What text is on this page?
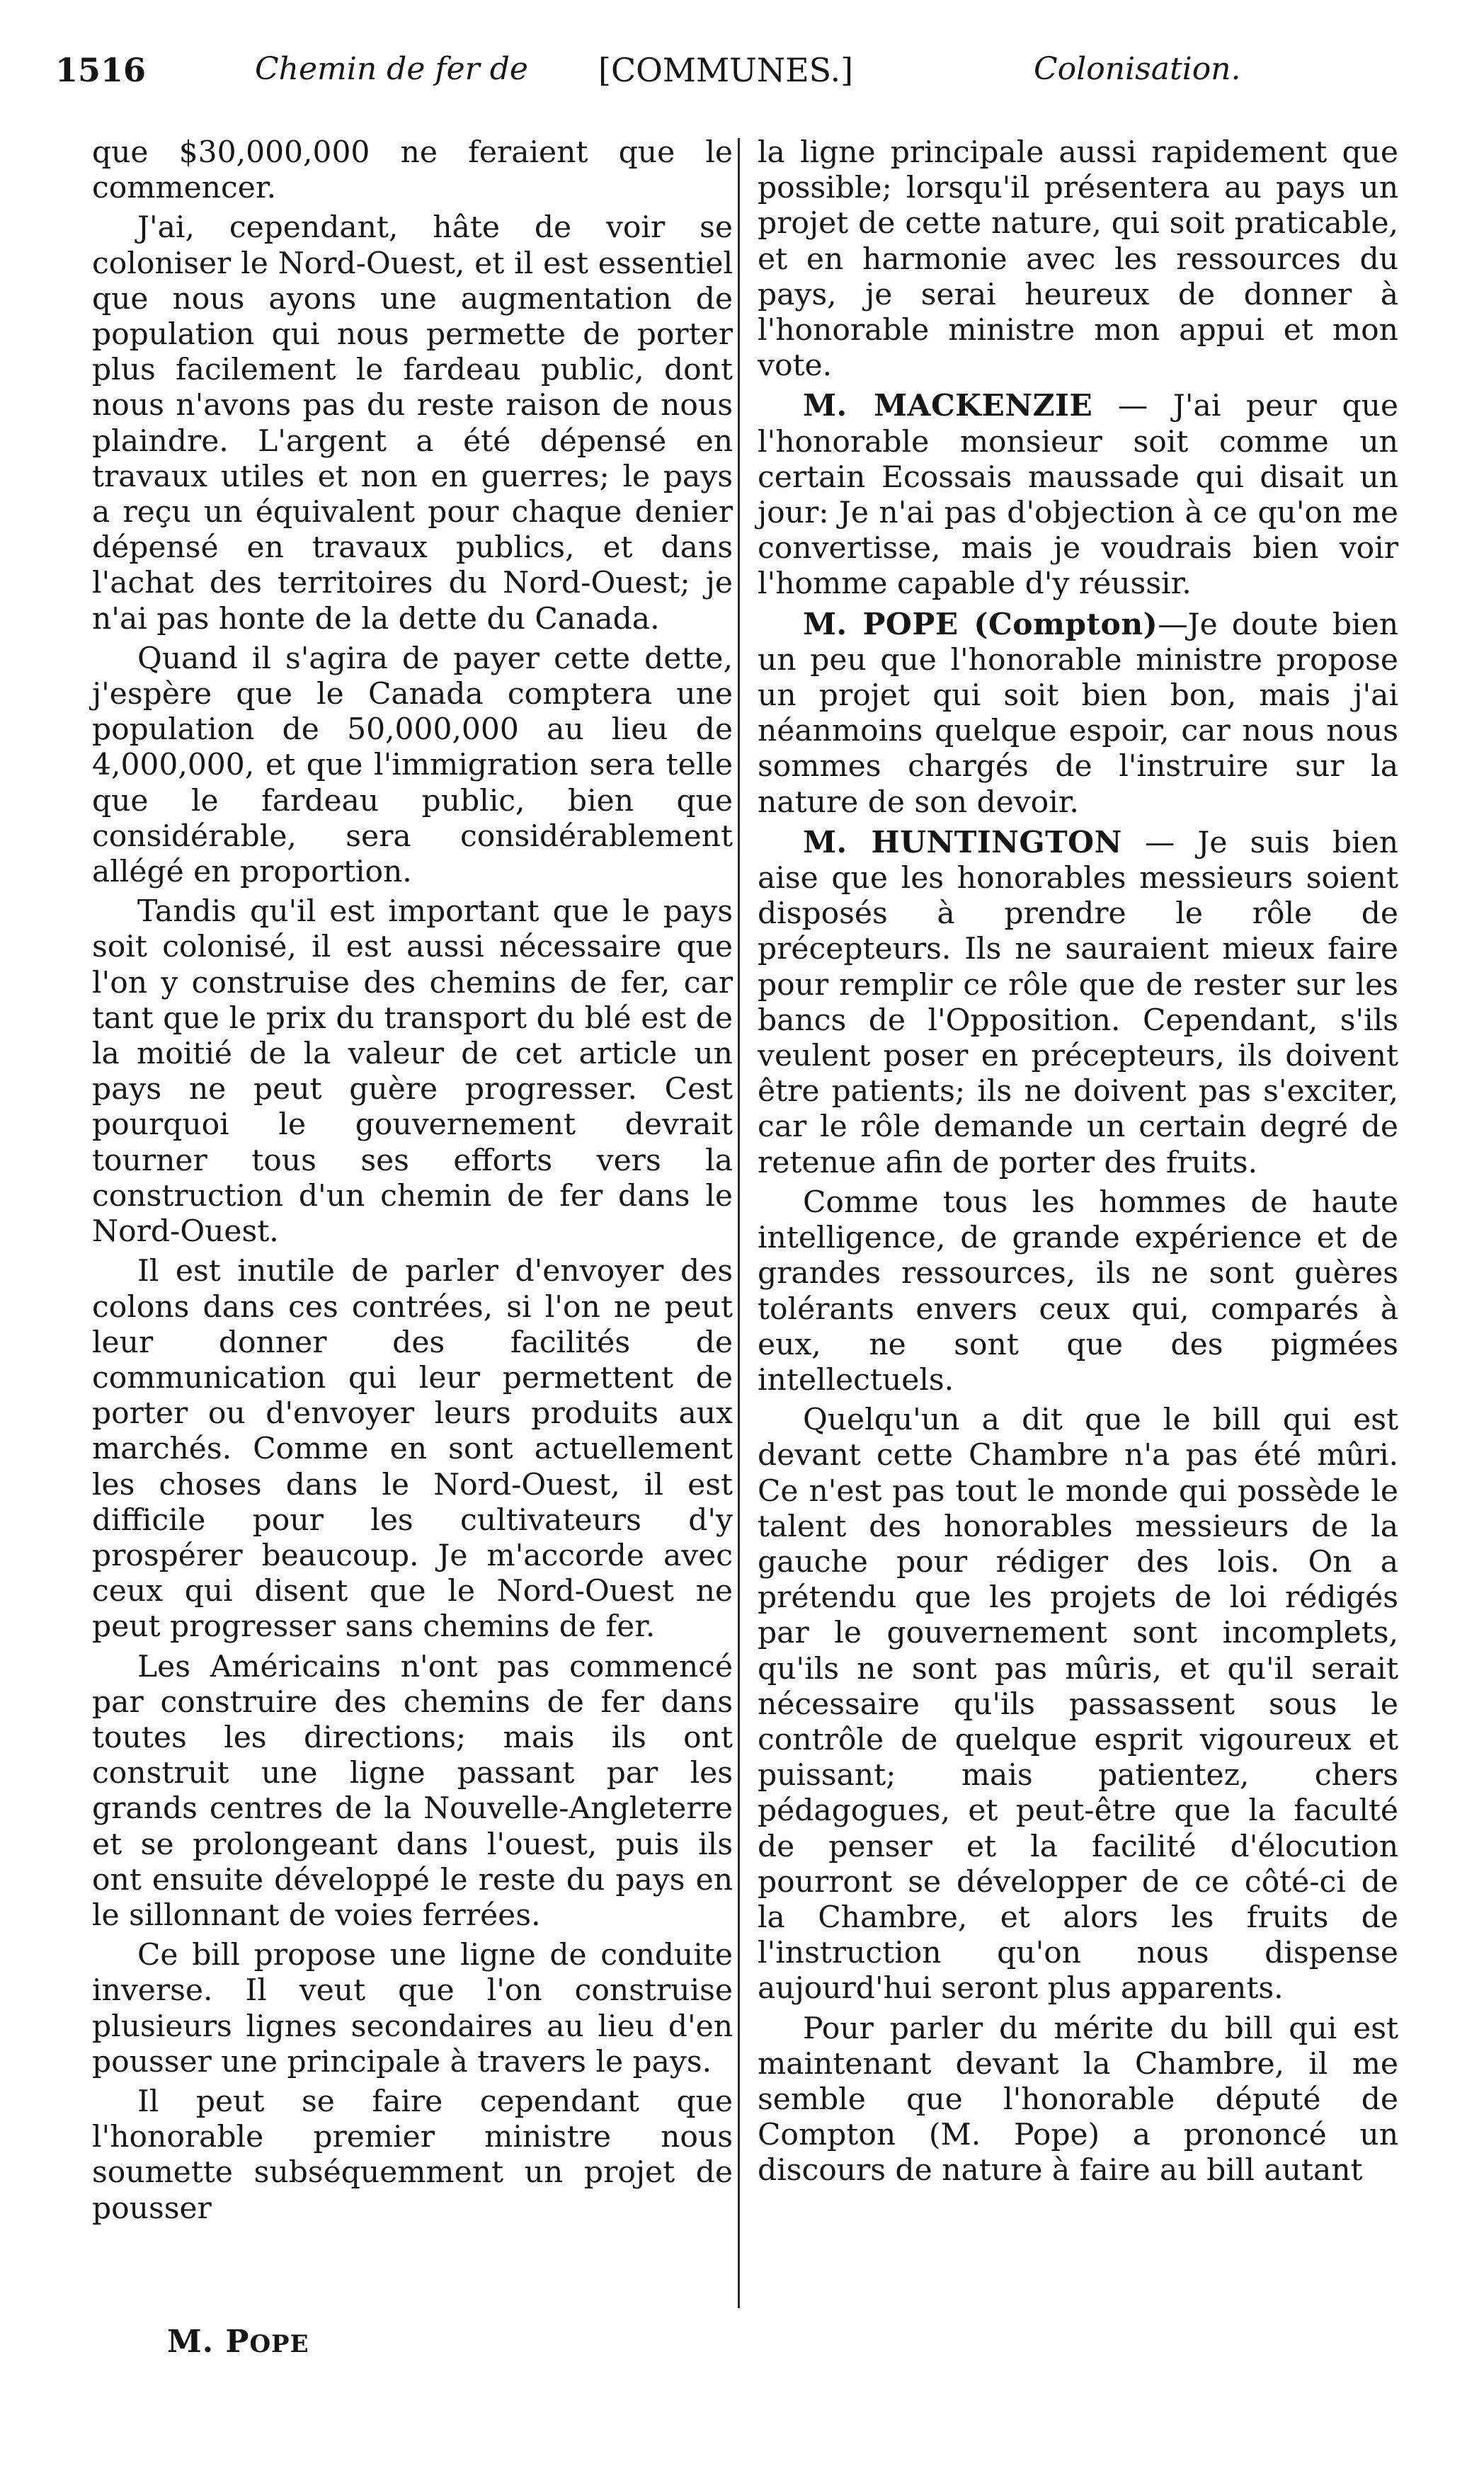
1516	Chemin de fer de [COMMUNES.]	Colonisation.

que $30,000,000 ne feraient que le commencer.

J'ai, cependant, hâte de voir se coloniser le Nord-Ouest, et il est essentiel que nous ayons une augmentation de population qui nous permette de porter plus facilement le fardeau public, dont nous n'avons pas du reste raison de nous plaindre. L'argent a été dépensé en travaux utiles et non en guerres; le pays a reçu un équivalent pour chaque denier dépensé en travaux publics, et dans l'achat des territoires du Nord-Ouest; je n'ai pas honte de la dette du Canada.

Quand il s'agira de payer cette dette, j'espère que le Canada comptera une population de 50,000,000 au lieu de 4,000,000, et que l'immigration sera telle que le fardeau public, bien que considérable, sera considérablement allégé en proportion.

Tandis qu'il est important que le pays soit colonisé, il est aussi nécessaire que l'on y construise des chemins de fer, car tant que le prix du transport du blé est de la moitié de la valeur de cet article un pays ne peut guère progresser. Cest pourquoi le gouvernement devrait tourner tous ses efforts vers la construction d'un chemin de fer dans le Nord-Ouest.

Il est inutile de parler d'envoyer des colons dans ces contrées, si l'on ne peut leur donner des facilités de communication qui leur permettent de porter ou d'envoyer leurs produits aux marchés. Comme en sont actuellement les choses dans le Nord-Ouest, il est difficile pour les cultivateurs d'y prospérer beaucoup. Je m'accorde avec ceux qui disent que le Nord-Ouest ne peut progresser sans chemins de fer.

Les Américains n'ont pas commencé par construire des chemins de fer dans toutes les directions; mais ils ont construit une ligne passant par les grands centres de la Nouvelle-Angleterre et se prolongeant dans l'ouest, puis ils ont ensuite développé le reste du pays en le sillonnant de voies ferrées.

Ce bill propose une ligne de conduite inverse. Il veut que l'on construise plusieurs lignes secondaires au lieu d'en pousser une principale à travers le pays.

Il peut se faire cependant que l'honorable premier ministre nous soumette subséquemment un projet de pousser

la ligne principale aussi rapidement que possible; lorsqu'il présentera au pays un projet de cette nature, qui soit praticable, et en harmonie avec les ressources du pays, je serai heureux de donner à l'honorable ministre mon appui et mon vote.

M. MACKENZIE — J'ai peur que l'honorable monsieur soit comme un certain Ecossais maussade qui disait un jour: Je n'ai pas d'objection à ce qu'on me convertisse, mais je voudrais bien voir l'homme capable d'y réussir.

M. POPE (Compton)—Je doute bien un peu que l'honorable ministre propose un projet qui soit bien bon, mais j'ai néanmoins quelque espoir, car nous nous sommes chargés de l'instruire sur la nature de son devoir.

M. HUNTINGTON — Je suis bien aise que les honorables messieurs soient disposés à prendre le rôle de précepteurs. Ils ne sauraient mieux faire pour remplir ce rôle que de rester sur les bancs de l'Opposition. Cependant, s'ils veulent poser en précepteurs, ils doivent être patients; ils ne doivent pas s'exciter, car le rôle demande un certain degré de retenue afin de porter des fruits.

Comme tous les hommes de haute intelligence, de grande expérience et de grandes ressources, ils ne sont guères tolérants envers ceux qui, comparés à eux, ne sont que des pigmées intellectuels.

Quelqu'un a dit que le bill qui est devant cette Chambre n'a pas été mûri. Ce n'est pas tout le monde qui possède le talent des honorables messieurs de la gauche pour rédiger des lois. On a prétendu que les projets de loi rédigés par le gouvernement sont incomplets, qu'ils ne sont pas mûris, et qu'il serait nécessaire qu'ils passassent sous le contrôle de quelque esprit vigoureux et puissant; mais patientez, chers pédagogues, et peut-être que la faculté de penser et la facilité d'élocution pourront se développer de ce côté-ci de la Chambre, et alors les fruits de l'instruction qu'on nous dispense aujourd'hui seront plus apparents.

Pour parler du mérite du bill qui est maintenant devant la Chambre, il me semble que l'honorable député de Compton (M. Pope) a prononcé un discours de nature à faire au bill autant

M. POPE
